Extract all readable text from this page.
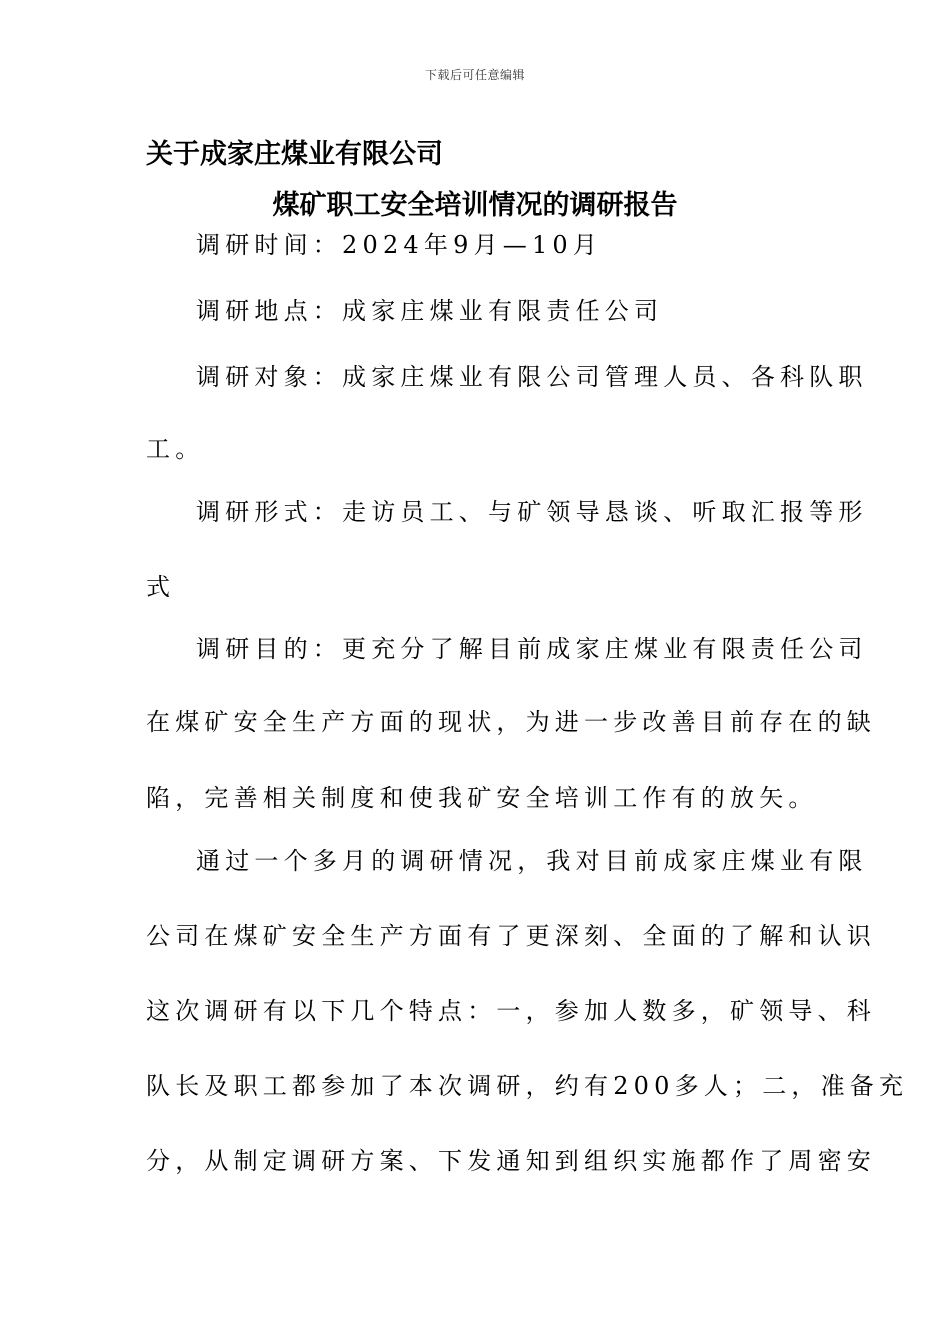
下载后可任意编辑
关于成家庄煤业有限公司
煤矿职工安全培训情况的调研报告
调研时间：2024年9月—10月
调研地点：成家庄煤业有限责任公司
调研对象：成家庄煤业有限公司管理人员、各科队职
工。
调研形式：走访员工、与矿领导恳谈、听取汇报等形
式
调研目的：更充分了解目前成家庄煤业有限责任公司
在煤矿安全生产方面的现状，为进一步改善目前存在的缺
陷，完善相关制度和使我矿安全培训工作有的放矢。
通过一个多月的调研情况，我对目前成家庄煤业有限
公司在煤矿安全生产方面有了更深刻、全面的了解和认识
这次调研有以下几个特点：一，参加人数多，矿领导、科
队长及职工都参加了本次调研，约有200多人；二，准备充
分，从制定调研方案、下发通知到组织实施都作了周密安
